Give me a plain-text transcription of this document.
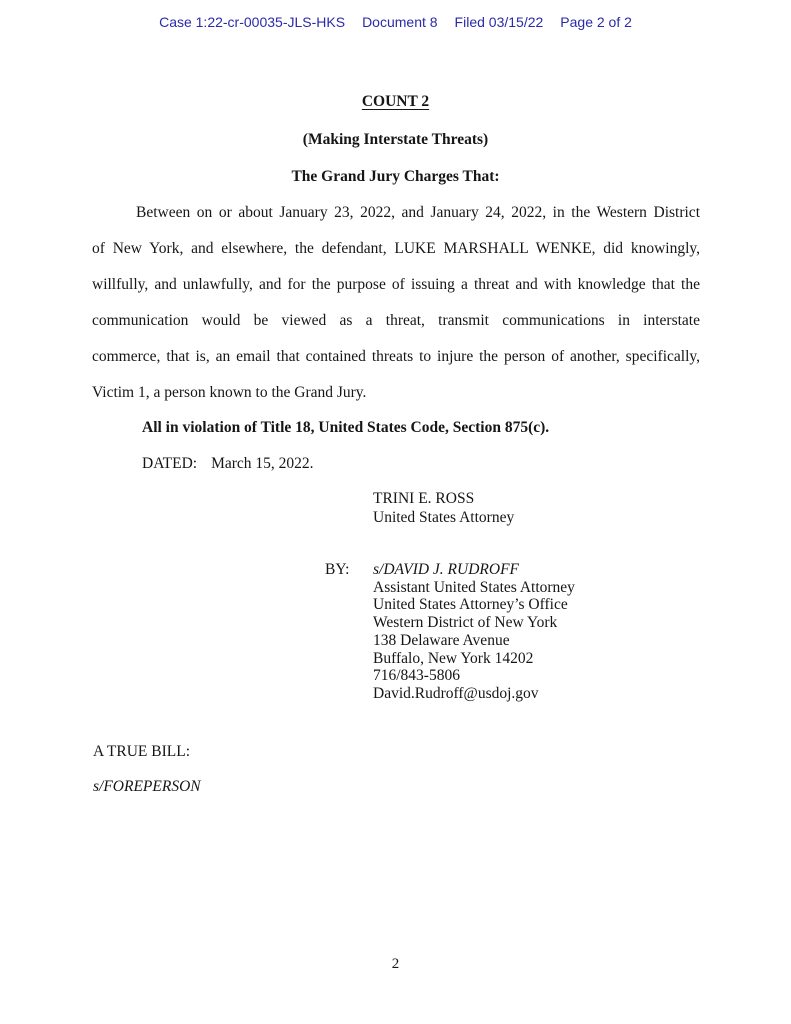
Case 1:22-cr-00035-JLS-HKS Document 8 Filed 03/15/22 Page 2 of 2
COUNT 2
(Making Interstate Threats)
The Grand Jury Charges That:
Between on or about January 23, 2022, and January 24, 2022, in the Western District
of New York, and elsewhere, the defendant, LUKE MARSHALL WENKE, did knowingly,
willfully, and unlawfully, and for the purpose of issuing a threat and with knowledge that the
communication would be viewed as a threat, transmit communications in interstate
commerce, that is, an email that contained threats to injure the person of another, specifically,
Victim 1, a person known to the Grand Jury.
All in violation of Title 18, United States Code, Section 875(c).
DATED: March 15, 2022.
TRINI E. ROSS
United States Attorney
BY:	s/DAVID J. RUDROFF
Assistant United States Attorney
United States Attorney’s Office
Western District of New York
138 Delaware Avenue
Buffalo, New York 14202
716/843-5806
David.Rudroff@usdoj.gov
A TRUE BILL:
s/FOREPERSON
2
